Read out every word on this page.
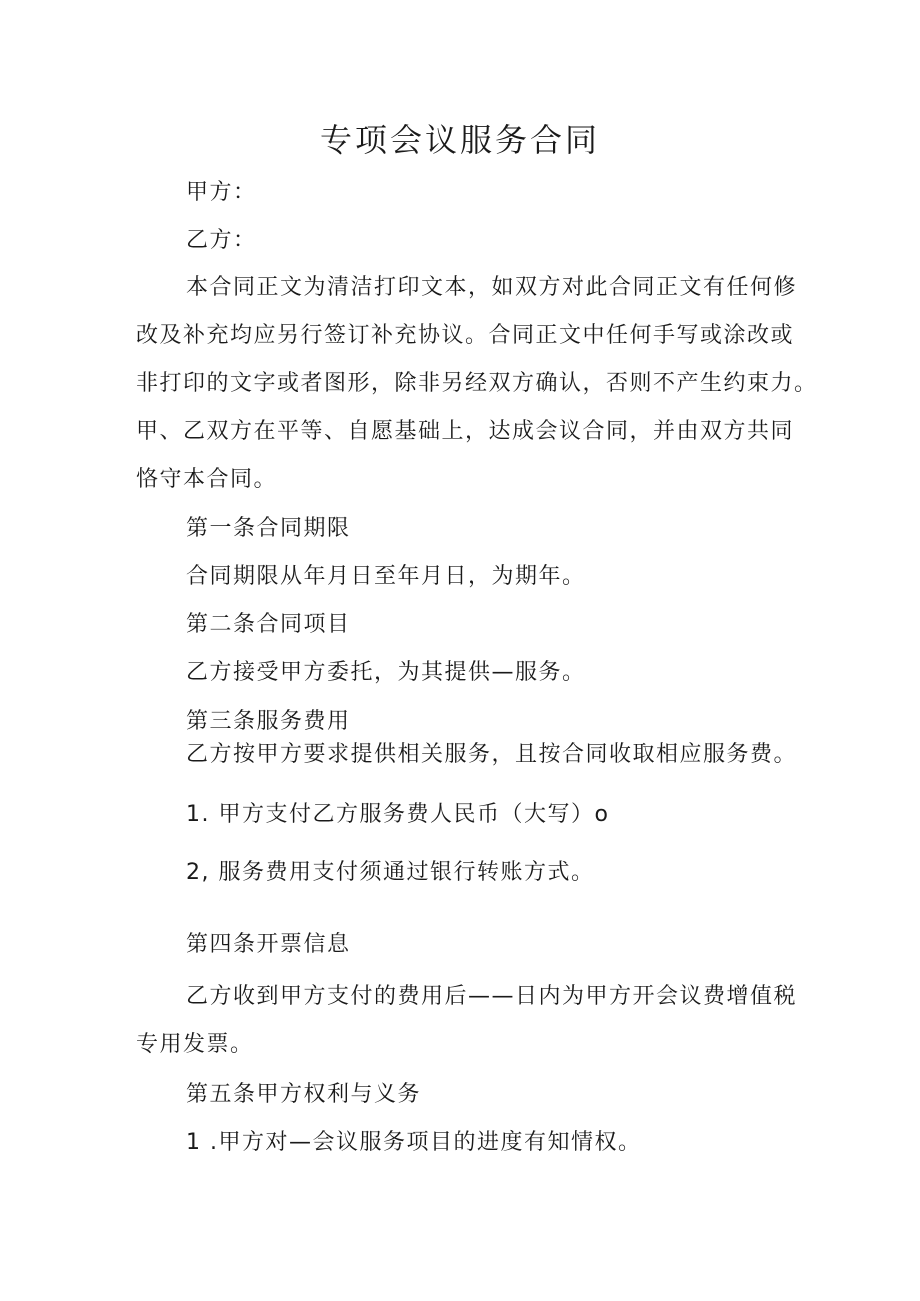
专项会议服务合同

甲方：

乙方：

本合同正文为清洁打印文本，如双方对此合同正文有任何修

改及补充均应另行签订补充协议。合同正文中任何手写或涂改或

非打印的文字或者图形，除非另经双方确认，否则不产生约束力。

甲、乙双方在平等、自愿基础上，达成会议合同，并由双方共同

恪守本合同。

第一条合同期限

合同期限从年月日至年月日，为期年。

第二条合同项目

乙方接受甲方委托，为其提供—服务。

第三条服务费用

乙方按甲方要求提供相关服务，且按合同收取相应服务费。

1. 甲方支付乙方服务费人民币（大写）o

2, 服务费用支付须通过银行转账方式。

第四条开票信息

乙方收到甲方支付的费用后——日内为甲方开会议费增值税

专用发票。

第五条甲方权利与义务

1 .甲方对—会议服务项目的进度有知情权。
